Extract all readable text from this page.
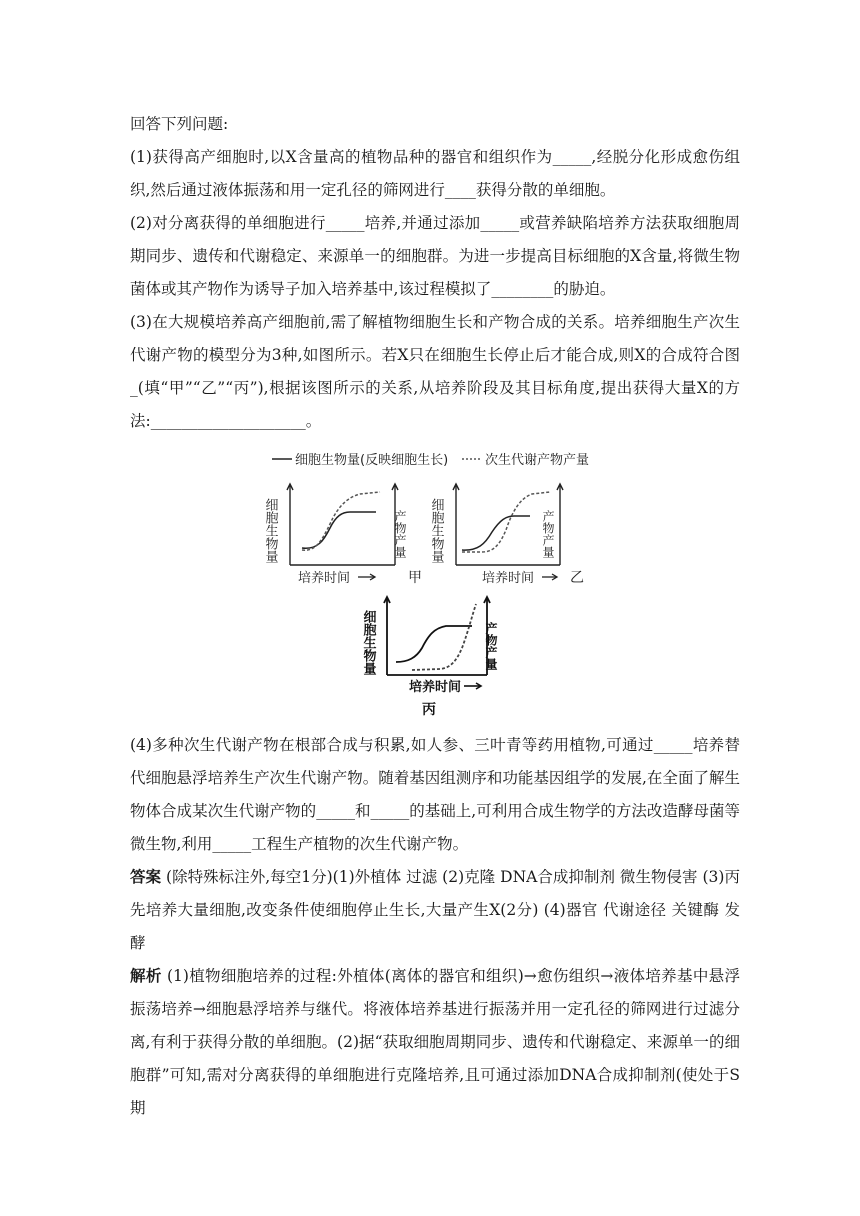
回答下列问题:
(1)获得高产细胞时,以X含量高的植物品种的器官和组织作为_____,经脱分化形成愈伤组织,然后通过液体振荡和用一定孔径的筛网进行____获得分散的单细胞。
(2)对分离获得的单细胞进行_____培养,并通过添加_____或营养缺陷培养方法获取细胞周期同步、遗传和代谢稳定、来源单一的细胞群。为进一步提高目标细胞的X含量,将微生物菌体或其产物作为诱导子加入培养基中,该过程模拟了________的胁迫。
(3)在大规模培养高产细胞前,需了解植物细胞生长和产物合成的关系。培养细胞生产次生代谢产物的模型分为3种,如图所示。若X只在细胞生长停止后才能合成,则X的合成符合图_(填“甲”“乙”“丙”),根据该图所示的关系,从培养阶段及其目标角度,提出获得大量X的方法:____________________。
细胞生物量(反映细胞生长)	次生代谢产物产量
细胞生物量	产物产量
培养时间	甲
细胞生物量	产物产量
培养时间	乙
细胞生物量	产物产量
培养时间
丙
(4)多种次生代谢产物在根部合成与积累,如人参、三叶青等药用植物,可通过_____培养替代细胞悬浮培养生产次生代谢产物。随着基因组测序和功能基因组学的发展,在全面了解生物体合成某次生代谢产物的_____和_____的基础上,可利用合成生物学的方法改造酵母菌等微生物,利用_____工程生产植物的次生代谢产物。
答案 (除特殊标注外,每空1分)(1)外植体 过滤 (2)克隆 DNA合成抑制剂 微生物侵害 (3)丙 先培养大量细胞,改变条件使细胞停止生长,大量产生X(2分) (4)器官 代谢途径 关键酶 发酵
解析 (1)植物细胞培养的过程:外植体(离体的器官和组织)→愈伤组织→液体培养基中悬浮振荡培养→细胞悬浮培养与继代。将液体培养基进行振荡并用一定孔径的筛网进行过滤分离,有利于获得分散的单细胞。(2)据“获取细胞周期同步、遗传和代谢稳定、来源单一的细胞群”可知,需对分离获得的单细胞进行克隆培养,且可通过添加DNA合成抑制剂(使处于S期
